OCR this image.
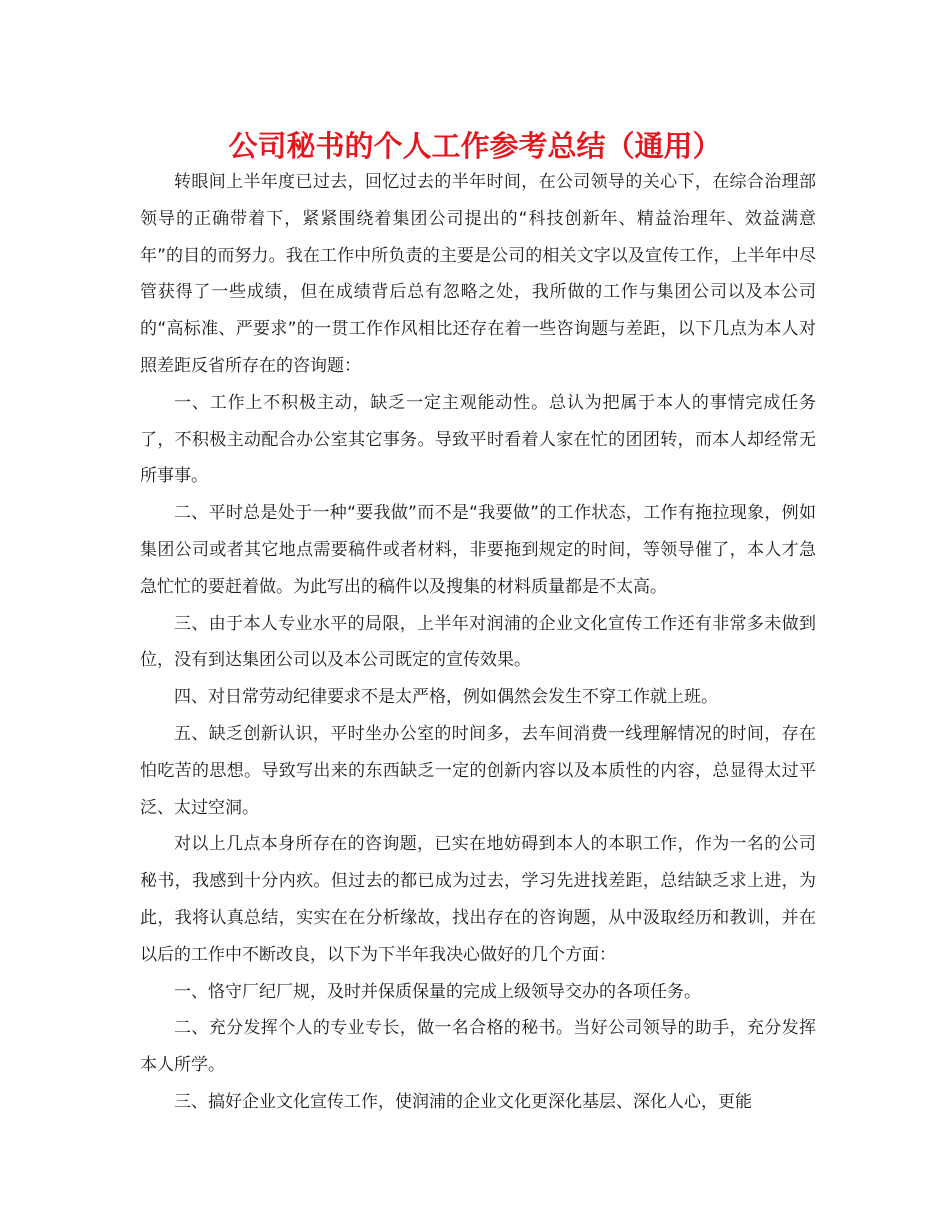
公司秘书的个人工作参考总结（通用）

转眼间上半年度已过去，回忆过去的半年时间，在公司领导的关心下，在综合治理部领导的正确带着下，紧紧围绕着集团公司提出的“科技创新年、精益治理年、效益满意年”的目的而努力。我在工作中所负责的主要是公司的相关文字以及宣传工作，上半年中尽管获得了一些成绩，但在成绩背后总有忽略之处，我所做的工作与集团公司以及本公司的“高标准、严要求”的一贯工作作风相比还存在着一些咨询题与差距，以下几点为本人对照差距反省所存在的咨询题：

一、工作上不积极主动，缺乏一定主观能动性。总认为把属于本人的事情完成任务了，不积极主动配合办公室其它事务。导致平时看着人家在忙的团团转，而本人却经常无所事事。

二、平时总是处于一种“要我做”而不是“我要做”的工作状态，工作有拖拉现象，例如集团公司或者其它地点需要稿件或者材料，非要拖到规定的时间，等领导催了，本人才急急忙忙的要赶着做。为此写出的稿件以及搜集的材料质量都是不太高。

三、由于本人专业水平的局限，上半年对润浦的企业文化宣传工作还有非常多未做到位，没有到达集团公司以及本公司既定的宣传效果。

四、对日常劳动纪律要求不是太严格，例如偶然会发生不穿工作就上班。

五、缺乏创新认识，平时坐办公室的时间多，去车间消费一线理解情况的时间，存在怕吃苦的思想。导致写出来的东西缺乏一定的创新内容以及本质性的内容，总显得太过平泛、太过空洞。

对以上几点本身所存在的咨询题，已实在地妨碍到本人的本职工作，作为一名的公司秘书，我感到十分内疚。但过去的都已成为过去，学习先进找差距，总结缺乏求上进，为此，我将认真总结，实实在在分析缘故，找出存在的咨询题，从中汲取经历和教训，并在以后的工作中不断改良，以下为下半年我决心做好的几个方面：

一、恪守厂纪厂规，及时并保质保量的完成上级领导交办的各项任务。

二、充分发挥个人的专业专长，做一名合格的秘书。当好公司领导的助手，充分发挥本人所学。

三、搞好企业文化宣传工作，使润浦的企业文化更深化基层、深化人心，更能
